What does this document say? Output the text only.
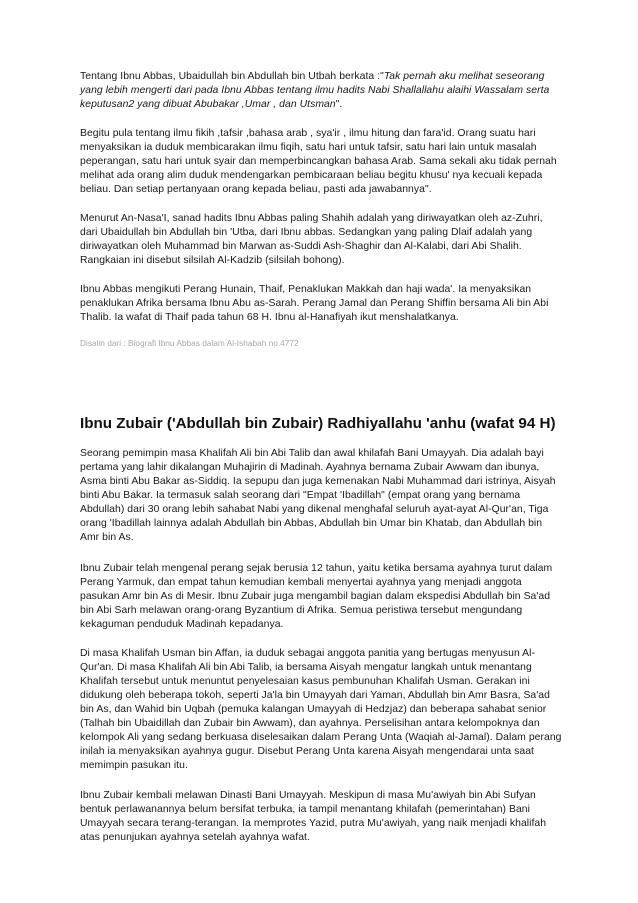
Tentang Ibnu Abbas, Ubaidullah bin Abdullah bin Utbah berkata :"Tak pernah aku melihat seseorang yang lebih mengerti dari pada Ibnu Abbas tentang ilmu hadits Nabi Shallallahu alaihi Wassalam serta keputusan2 yang dibuat Abubakar ,Umar , dan Utsman".

Begitu pula tentang ilmu fikih ,tafsir ,bahasa arab , sya'ir , ilmu hitung dan fara'id. Orang suatu hari menyaksikan ia duduk membicarakan ilmu fiqih, satu hari untuk tafsir, satu hari lain untuk masalah peperangan, satu hari untuk syair dan memperbincangkan bahasa Arab. Sama sekali aku tidak pernah melihat ada orang alim duduk mendengarkan pembicaraan beliau begitu khusu' nya kecuali kepada beliau. Dan setiap pertanyaan orang kepada beliau, pasti ada jawabannya".

Menurut An-Nasa'I, sanad hadits Ibnu Abbas paling Shahih adalah yang diriwayatkan oleh az-Zuhri, dari Ubaidullah bin Abdullah bin 'Utba, dari Ibnu abbas. Sedangkan yang paling Dlaif adalah yang diriwayatkan oleh Muhammad bin Marwan as-Suddi Ash-Shaghir dan Al-Kalabi, dari Abi Shalih. Rangkaian ini disebut silsilah Al-Kadzib (silsilah bohong).

Ibnu Abbas mengikuti Perang Hunain, Thaif, Penaklukan Makkah dan haji wada'. Ia menyaksikan penaklukan Afrika bersama Ibnu Abu as-Sarah. Perang Jamal dan Perang Shiffin bersama Ali bin Abi Thalib. Ia wafat di Thaif pada tahun 68 H. Ibnu al-Hanafiyah ikut menshalatkanya.

Disalin dari : Biografi Ibnu Abbas dalam Al-Ishabah no.4772
Ibnu Zubair ('Abdullah bin Zubair) Radhiyallahu 'anhu (wafat 94 H)

Seorang pemimpin masa Khalifah Ali bin Abi Talib dan awal khilafah Bani Umayyah. Dia adalah bayi pertama yang lahir dikalangan Muhajirin di Madinah. Ayahnya bernama Zubair Awwam dan ibunya, Asma binti Abu Bakar as-Siddiq. Ia sepupu dan juga kemenakan Nabi Muhammad dari istrinya, Aisyah binti Abu Bakar. Ia termasuk salah seorang dari "Empat 'Ibadillah" (empat orang yang bernama Abdullah) dari 30 orang lebih sahabat Nabi yang dikenal menghafal seluruh ayat-ayat Al-Qur'an, Tiga orang 'Ibadillah lainnya adalah Abdullah bin Abbas, Abdullah bin Umar bin Khatab, dan Abdullah bin Amr bin As.

Ibnu Zubair telah mengenal perang sejak berusia 12 tahun, yaitu ketika bersama ayahnya turut dalam Perang Yarmuk, dan empat tahun kemudian kembali menyertai ayahnya yang menjadi anggota pasukan Amr bin As di Mesir. Ibnu Zubair juga mengambil bagian dalam ekspedisi Abdullah bin Sa'ad bin Abi Sarh melawan orang-orang Byzantium di Afrika. Semua peristiwa tersebut mengundang kekaguman penduduk Madinah kepadanya.

Di masa Khalifah Usman bin Affan, ia duduk sebagai anggota panitia yang bertugas menyusun Al-Qur'an. Di masa Khalifah Ali bin Abi Talib, ia bersama Aisyah mengatur langkah untuk menantang Khalifah tersebut untuk menuntut penyelesaian kasus pembunuhan Khalifah Usman. Gerakan ini didukung oleh beberapa tokoh, seperti Ja'la bin Umayyah dari Yaman, Abdullah bin Amr Basra, Sa'ad bin As, dan Wahid bin Uqbah (pemuka kalangan Umayyah di Hedzjaz) dan beberapa sahabat senior (Talhah bin Ubaidillah dan Zubair bin Awwam), dan ayahnya. Perselisihan antara kelompoknya dan kelompok Ali yang sedang berkuasa diselesaikan dalam Perang Unta (Waqiah al-Jamal). Dalam perang inilah ia menyaksikan ayahnya gugur. Disebut Perang Unta karena Aisyah mengendarai unta saat memimpin pasukan itu.

Ibnu Zubair kembali melawan Dinasti Bani Umayyah. Meskipun di masa Mu'awiyah bin Abi Sufyan bentuk perlawanannya belum bersifat terbuka, ia tampil menantang khilafah (pemerintahan) Bani Umayyah secara terang-terangan. Ia memprotes Yazid, putra Mu'awiyah, yang naik menjadi khalifah atas penunjukan ayahnya setelah ayahnya wafat.
